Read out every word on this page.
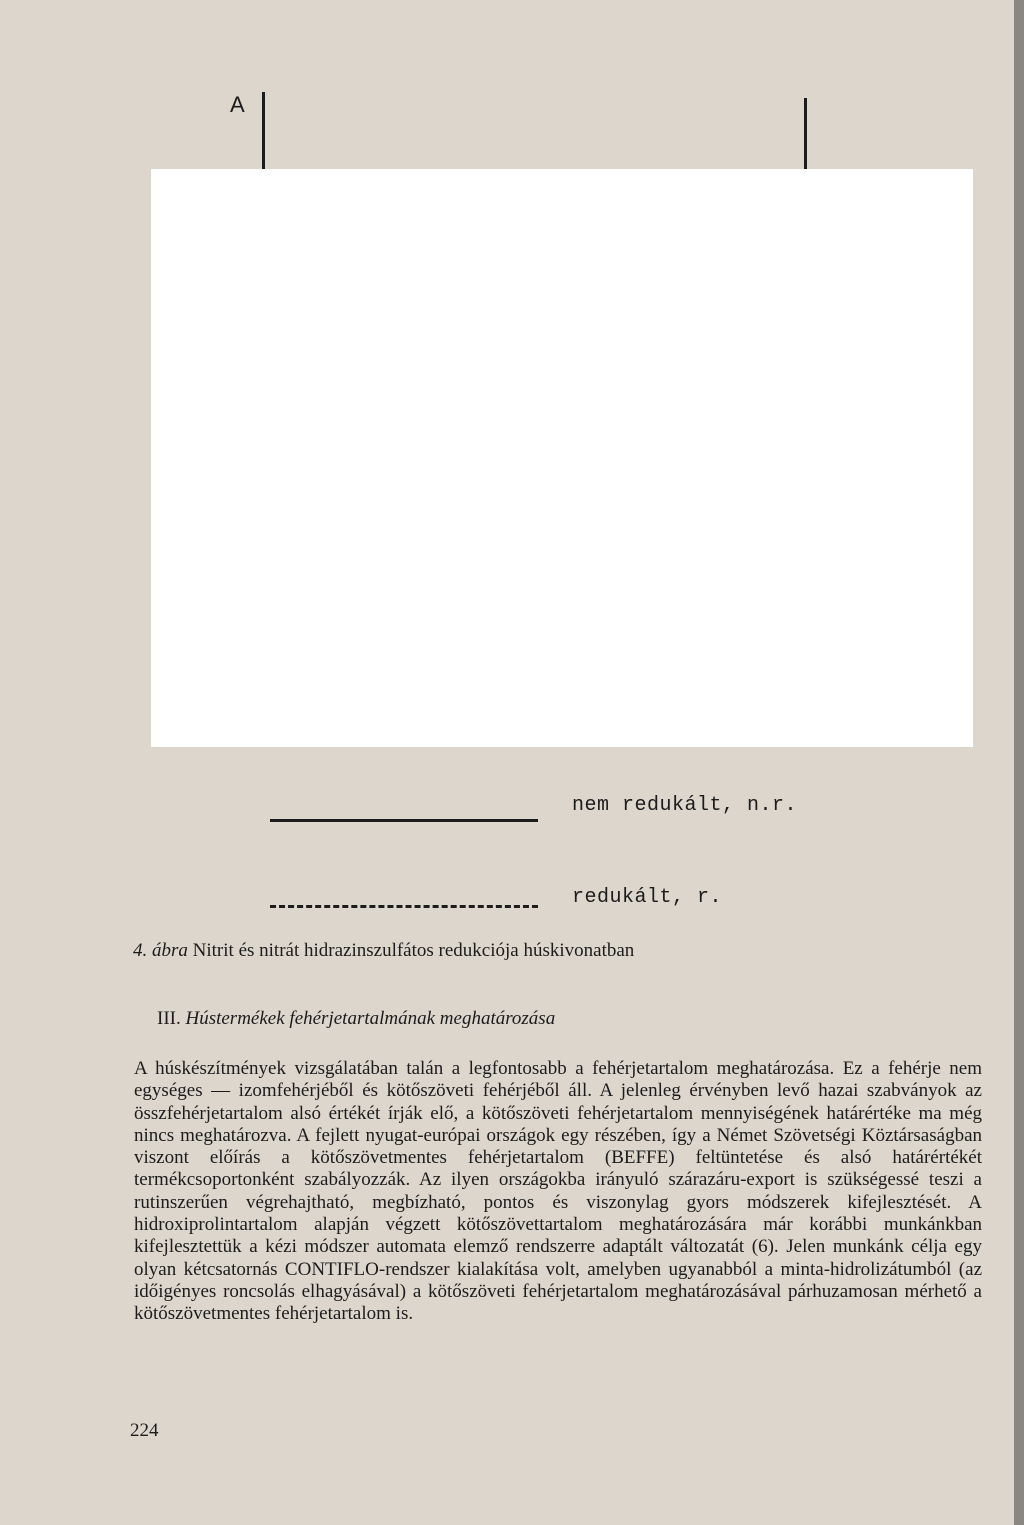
A
nem redukált, n.r.
redukált, r.
4. ábra Nitrit és nitrát hidrazinszulfátos redukciója húskivonatban
III. Hústermékek fehérjetartalmának meghatározása

A húskészítmények vizsgálatában talán a legfontosabb a fehérjetartalom meghatározása. Ez a fehérje nem egységes — izomfehérjéből és kötőszöveti fehérjéből áll. A jelenleg érvényben levő hazai szabványok az összfehérjetartalom alsó értékét írják elő, a kötőszöveti fehérjetartalom mennyiségének határértéke ma még nincs meghatározva. A fejlett nyugat-európai országok egy részében, így a Német Szövetségi Köztársaságban viszont előírás a kötőszövetmentes fehérjetartalom (BEFFE) feltüntetése és alsó határértékét termékcsoportonként szabályozzák. Az ilyen országokba irányuló szárazáru-export is szükségessé teszi a rutinszerűen végrehajtható, megbízható, pontos és viszonylag gyors módszerek kifejlesztését. A hidroxiprolintartalom alapján végzett kötőszövettartalom meghatározására már korábbi munkánkban kifejlesztettük a kézi módszer automata elemző rendszerre adaptált változatát (6). Jelen munkánk célja egy olyan kétcsatornás CONTIFLO-rendszer kialakítása volt, amelyben ugyanabból a minta-hidrolizátumból (az időigényes roncsolás elhagyásával) a kötőszöveti fehérjetartalom meghatározásával párhuzamosan mérhető a kötőszövetmentes fehérjetartalom is.

224
